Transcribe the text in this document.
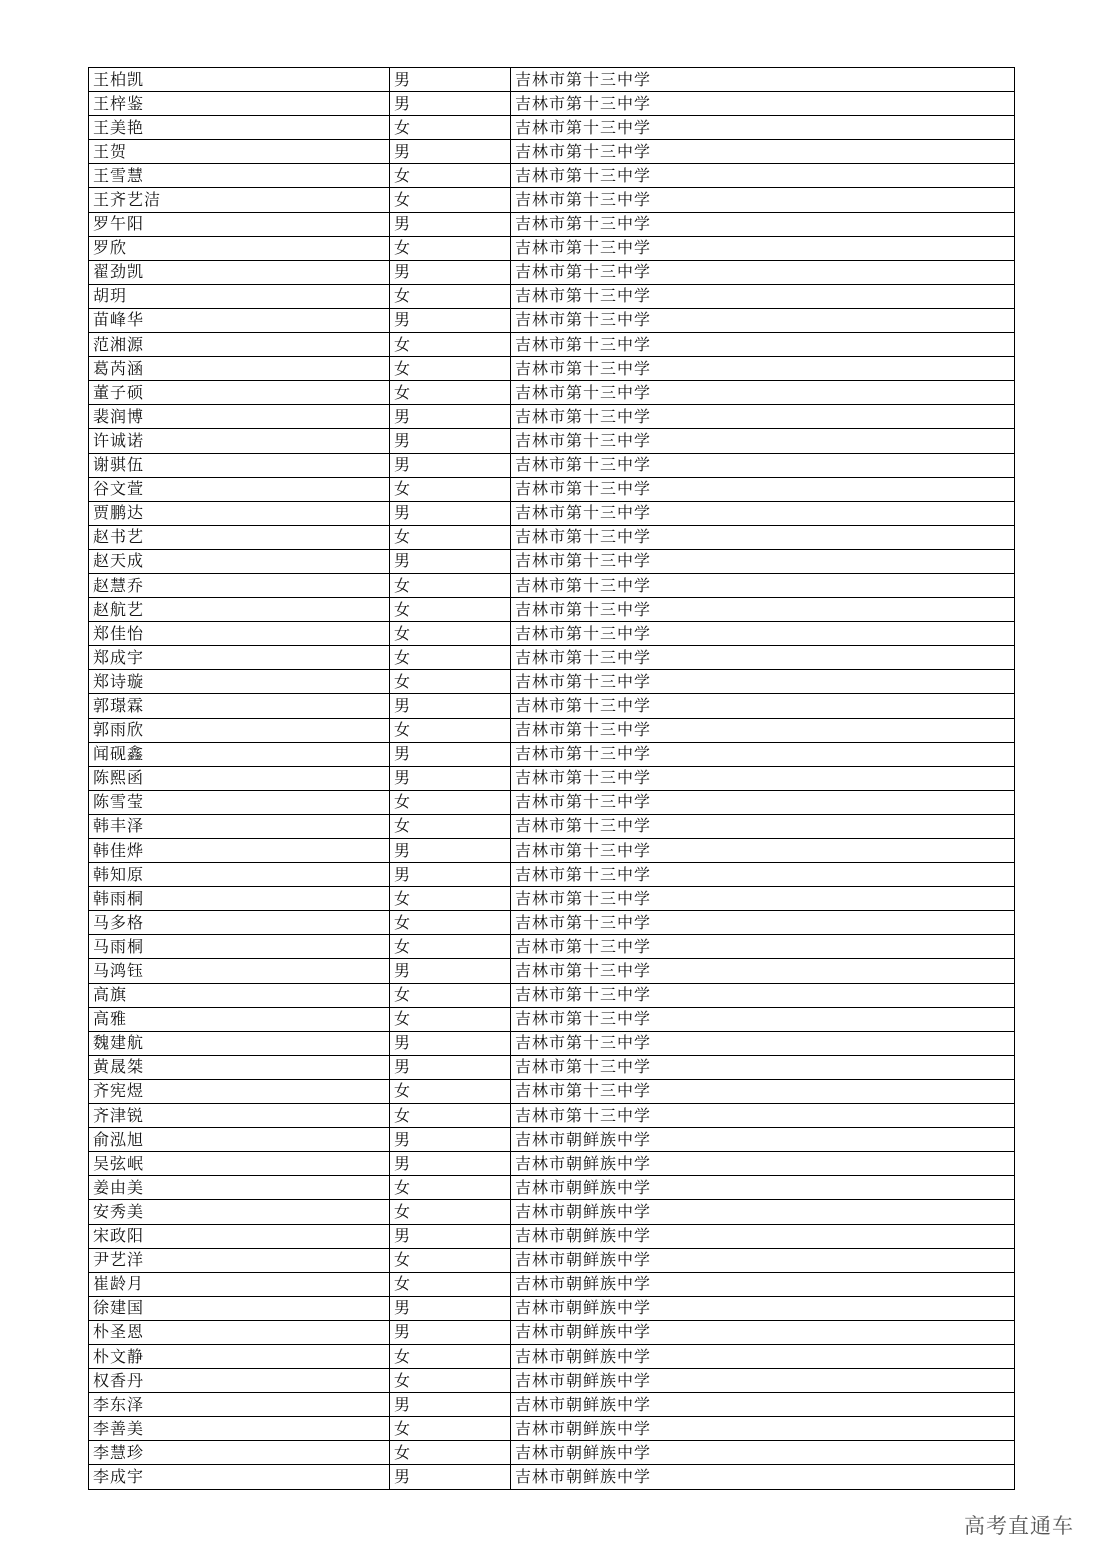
王柏凯	男	吉林市第十三中学
王梓鉴	男	吉林市第十三中学
王美艳	女	吉林市第十三中学
王贺	男	吉林市第十三中学
王雪慧	女	吉林市第十三中学
王齐艺洁	女	吉林市第十三中学
罗午阳	男	吉林市第十三中学
罗欣	女	吉林市第十三中学
翟劲凯	男	吉林市第十三中学
胡玥	女	吉林市第十三中学
苗峰华	男	吉林市第十三中学
范湘源	女	吉林市第十三中学
葛芮涵	女	吉林市第十三中学
董子硕	女	吉林市第十三中学
裴润博	男	吉林市第十三中学
许诚诺	男	吉林市第十三中学
谢骐伍	男	吉林市第十三中学
谷文萱	女	吉林市第十三中学
贾鹏达	男	吉林市第十三中学
赵书艺	女	吉林市第十三中学
赵天成	男	吉林市第十三中学
赵慧乔	女	吉林市第十三中学
赵航艺	女	吉林市第十三中学
郑佳怡	女	吉林市第十三中学
郑成宇	女	吉林市第十三中学
郑诗璇	女	吉林市第十三中学
郭璟霖	男	吉林市第十三中学
郭雨欣	女	吉林市第十三中学
闻砚鑫	男	吉林市第十三中学
陈熙函	男	吉林市第十三中学
陈雪莹	女	吉林市第十三中学
韩丰泽	女	吉林市第十三中学
韩佳烨	男	吉林市第十三中学
韩知原	男	吉林市第十三中学
韩雨桐	女	吉林市第十三中学
马多格	女	吉林市第十三中学
马雨桐	女	吉林市第十三中学
马鸿钰	男	吉林市第十三中学
高旗	女	吉林市第十三中学
高雅	女	吉林市第十三中学
魏建航	男	吉林市第十三中学
黄晟桀	男	吉林市第十三中学
齐宪煜	女	吉林市第十三中学
齐津锐	女	吉林市第十三中学
俞泓旭	男	吉林市朝鲜族中学
吴弦岷	男	吉林市朝鲜族中学
姜由美	女	吉林市朝鲜族中学
安秀美	女	吉林市朝鲜族中学
宋政阳	男	吉林市朝鲜族中学
尹艺洋	女	吉林市朝鲜族中学
崔龄月	女	吉林市朝鲜族中学
徐建国	男	吉林市朝鲜族中学
朴圣恩	男	吉林市朝鲜族中学
朴文静	女	吉林市朝鲜族中学
权香丹	女	吉林市朝鲜族中学
李东泽	男	吉林市朝鲜族中学
李善美	女	吉林市朝鲜族中学
李慧珍	女	吉林市朝鲜族中学
李成宇	男	吉林市朝鲜族中学
高考直通车
